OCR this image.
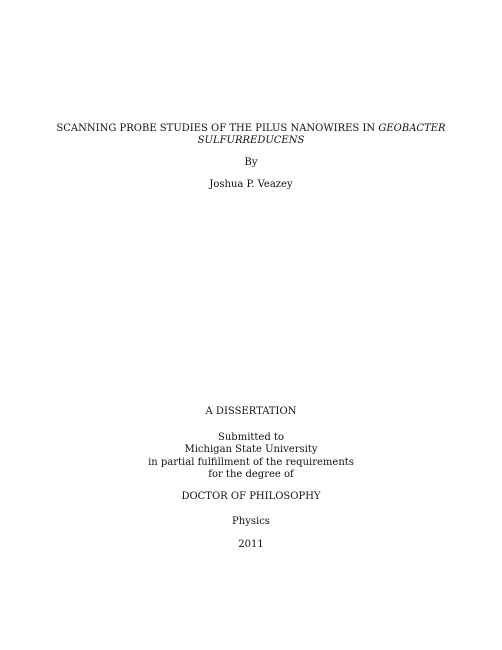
SCANNING PROBE STUDIES OF THE PILUS NANOWIRES IN GEOBACTER
SULFURREDUCENS
By
Joshua P. Veazey
A DISSERTATION
Submitted to
Michigan State University
in partial fulfillment of the requirements
for the degree of
DOCTOR OF PHILOSOPHY
Physics
2011
